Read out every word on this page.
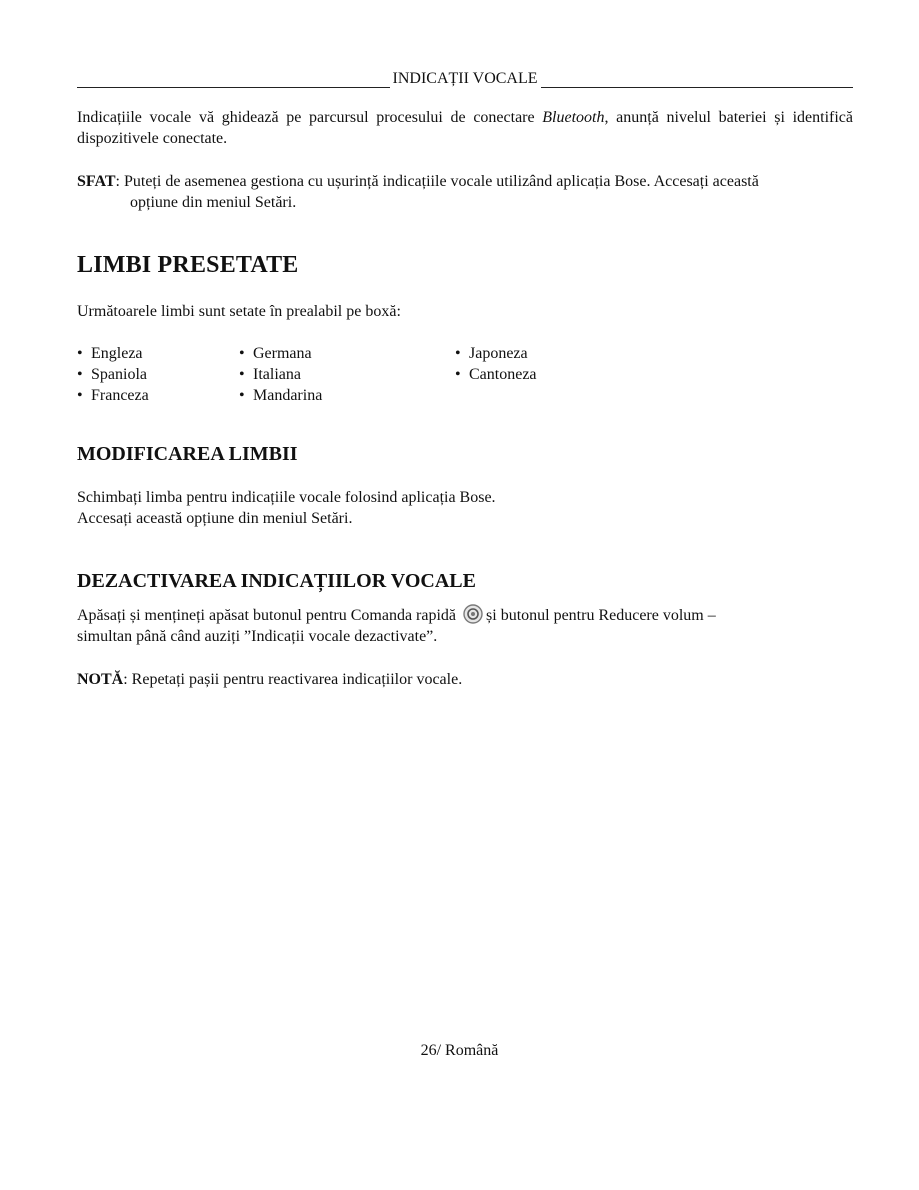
INDICAȚII VOCALE
Indicațiile vocale vă ghidează pe parcursul procesului de conectare Bluetooth, anunță nivelul bateriei și identifică dispozitivele conectate.
SFAT: Puteți de asemenea gestiona cu ușurință indicațiile vocale utilizând aplicația Bose. Accesați această
opțiune din meniul Setări.
LIMBI PRESETATE
Următoarele limbi sunt setate în prealabil pe boxă:
• Engleza
• Spaniola
• Franceza
• Germana
• Italiana
• Mandarina
• Japoneza
• Cantoneza
MODIFICAREA LIMBII
Schimbați limba pentru indicațiile vocale folosind aplicația Bose.
Accesați această opțiune din meniul Setări.
DEZACTIVAREA INDICAȚIILOR VOCALE
Apăsați și mențineți apăsat butonul pentru Comanda rapidă și butonul pentru Reducere volum –
simultan până când auziți ”Indicații vocale dezactivate”.
NOTĂ: Repetați pașii pentru reactivarea indicațiilor vocale.
26/ Română
